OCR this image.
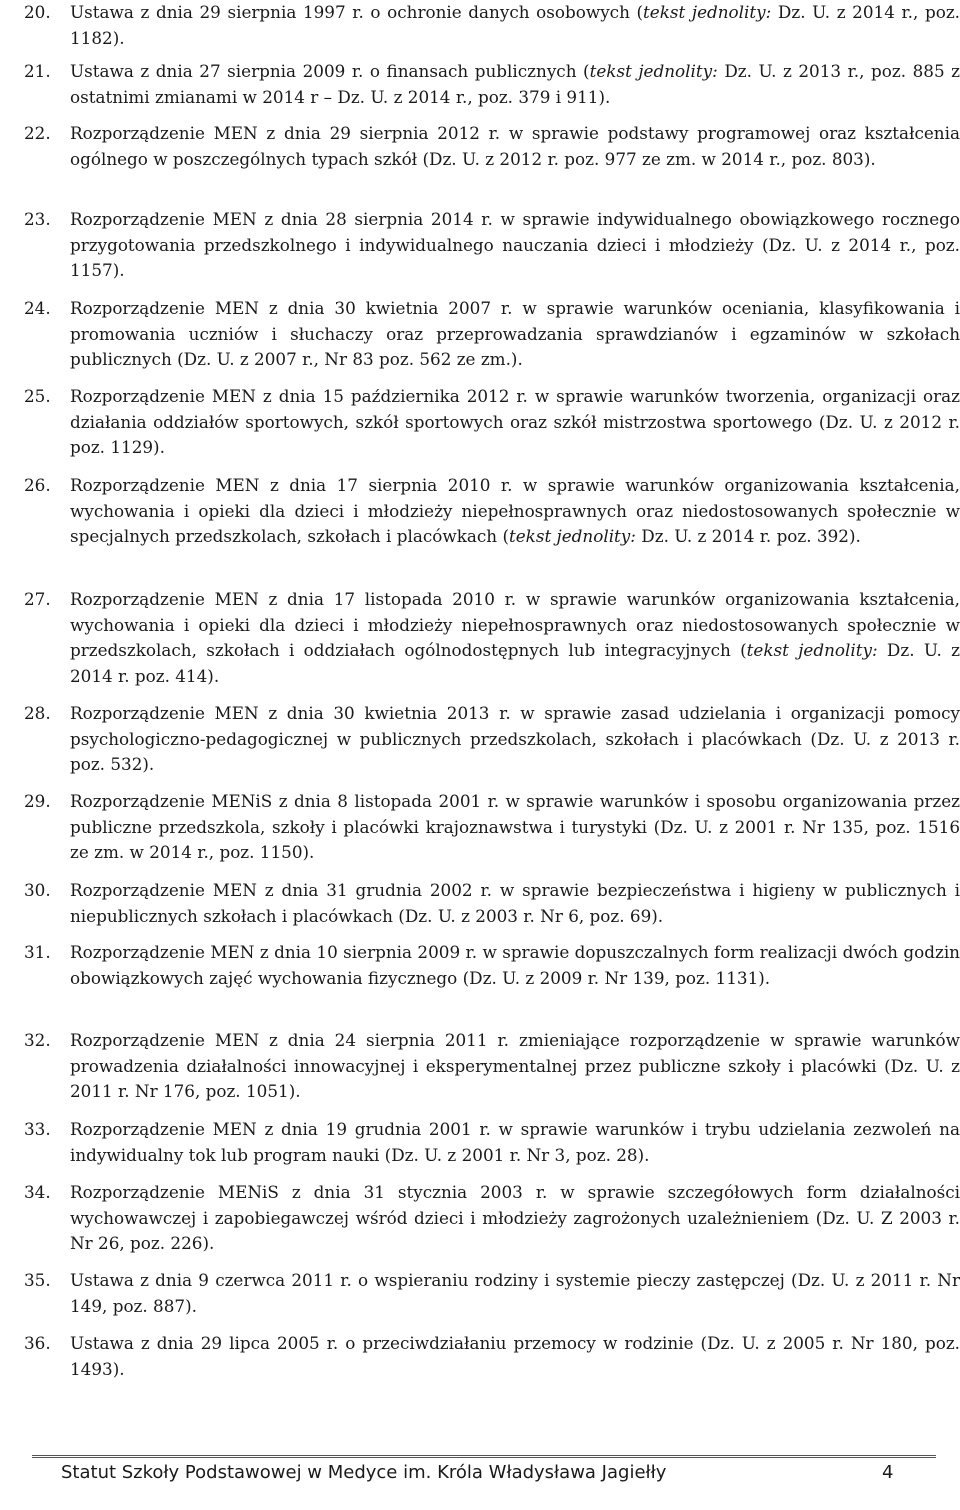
20.	Ustawa z dnia 29 sierpnia 1997 r. o ochronie danych osobowych (tekst jednolity: Dz. U. z 2014 r., poz. 1182).
21.	Ustawa z dnia 27 sierpnia 2009 r. o finansach publicznych (tekst jednolity: Dz. U. z 2013 r., poz. 885 z ostatnimi zmianami w 2014 r – Dz. U. z 2014 r., poz. 379 i 911).
22.	Rozporządzenie MEN z dnia 29 sierpnia 2012 r. w sprawie podstawy programowej oraz kształcenia ogólnego w poszczególnych typach szkół (Dz. U. z 2012 r. poz. 977 ze zm. w 2014 r., poz. 803).
23.	Rozporządzenie MEN z dnia 28 sierpnia 2014 r. w sprawie indywidualnego obowiązkowego rocznego przygotowania przedszkolnego i indywidualnego nauczania dzieci i młodzieży (Dz. U. z 2014 r., poz. 1157).
24.	Rozporządzenie MEN z dnia 30 kwietnia 2007 r. w sprawie warunków oceniania, klasyfikowania i promowania uczniów i słuchaczy oraz przeprowadzania sprawdzianów i egzaminów w szkołach publicznych (Dz. U. z 2007 r., Nr 83 poz. 562 ze zm.).
25.	Rozporządzenie MEN z dnia 15 października 2012 r. w sprawie warunków tworzenia, organizacji oraz działania oddziałów sportowych, szkół sportowych oraz szkół mistrzostwa sportowego (Dz. U. z 2012 r. poz. 1129).
26.	Rozporządzenie MEN z dnia 17 sierpnia 2010 r. w sprawie warunków organizowania kształcenia, wychowania i opieki dla dzieci i młodzieży niepełnosprawnych oraz niedostosowanych społecznie w specjalnych przedszkolach, szkołach i placówkach (tekst jednolity: Dz. U. z 2014 r. poz. 392).
27.	Rozporządzenie MEN z dnia 17 listopada 2010 r. w sprawie warunków organizowania kształcenia, wychowania i opieki dla dzieci i młodzieży niepełnosprawnych oraz niedostosowanych społecznie w przedszkolach, szkołach i oddziałach ogólnodostępnych lub integracyjnych (tekst jednolity: Dz. U. z 2014 r. poz. 414).
28.	Rozporządzenie MEN z dnia 30 kwietnia 2013 r. w sprawie zasad udzielania i organizacji pomocy psychologiczno-pedagogicznej w publicznych przedszkolach, szkołach i placówkach (Dz. U. z 2013 r. poz. 532).
29.	Rozporządzenie MENiS z dnia 8 listopada 2001 r. w sprawie warunków i sposobu organizowania przez publiczne przedszkola, szkoły i placówki krajoznawstwa i turystyki (Dz. U. z 2001 r. Nr 135, poz. 1516 ze zm. w 2014 r., poz. 1150).
30.	Rozporządzenie MEN z dnia 31 grudnia 2002 r. w sprawie bezpieczeństwa i higieny w publicznych i niepublicznych szkołach i placówkach (Dz. U. z 2003 r. Nr 6, poz. 69).
31.	Rozporządzenie MEN z dnia 10 sierpnia 2009 r. w sprawie dopuszczalnych form realizacji dwóch godzin obowiązkowych zajęć wychowania fizycznego (Dz. U. z 2009 r. Nr 139, poz. 1131).
32.	Rozporządzenie MEN z dnia 24 sierpnia 2011 r. zmieniające rozporządzenie w sprawie warunków prowadzenia działalności innowacyjnej i eksperymentalnej przez publiczne szkoły i placówki (Dz. U. z 2011 r. Nr 176, poz. 1051).
33.	Rozporządzenie MEN z dnia 19 grudnia 2001 r. w sprawie warunków i trybu udzielania zezwoleń na indywidualny tok lub program nauki (Dz. U. z 2001 r. Nr 3, poz. 28).
34.	Rozporządzenie MENiS z dnia 31 stycznia 2003 r. w sprawie szczegółowych form działalności wychowawczej i zapobiegawczej wśród dzieci i młodzieży zagrożonych uzależnieniem (Dz. U. Z 2003 r. Nr 26, poz. 226).
35.	Ustawa z dnia 9 czerwca 2011 r. o wspieraniu rodziny i systemie pieczy zastępczej (Dz. U. z 2011 r. Nr 149, poz. 887).
36.	Ustawa z dnia 29 lipca 2005 r. o przeciwdziałaniu przemocy w rodzinie (Dz. U. z 2005 r. Nr 180, poz. 1493).
Statut Szkoły Podstawowej w Medyce im. Króla Władysława Jagiełły	4
